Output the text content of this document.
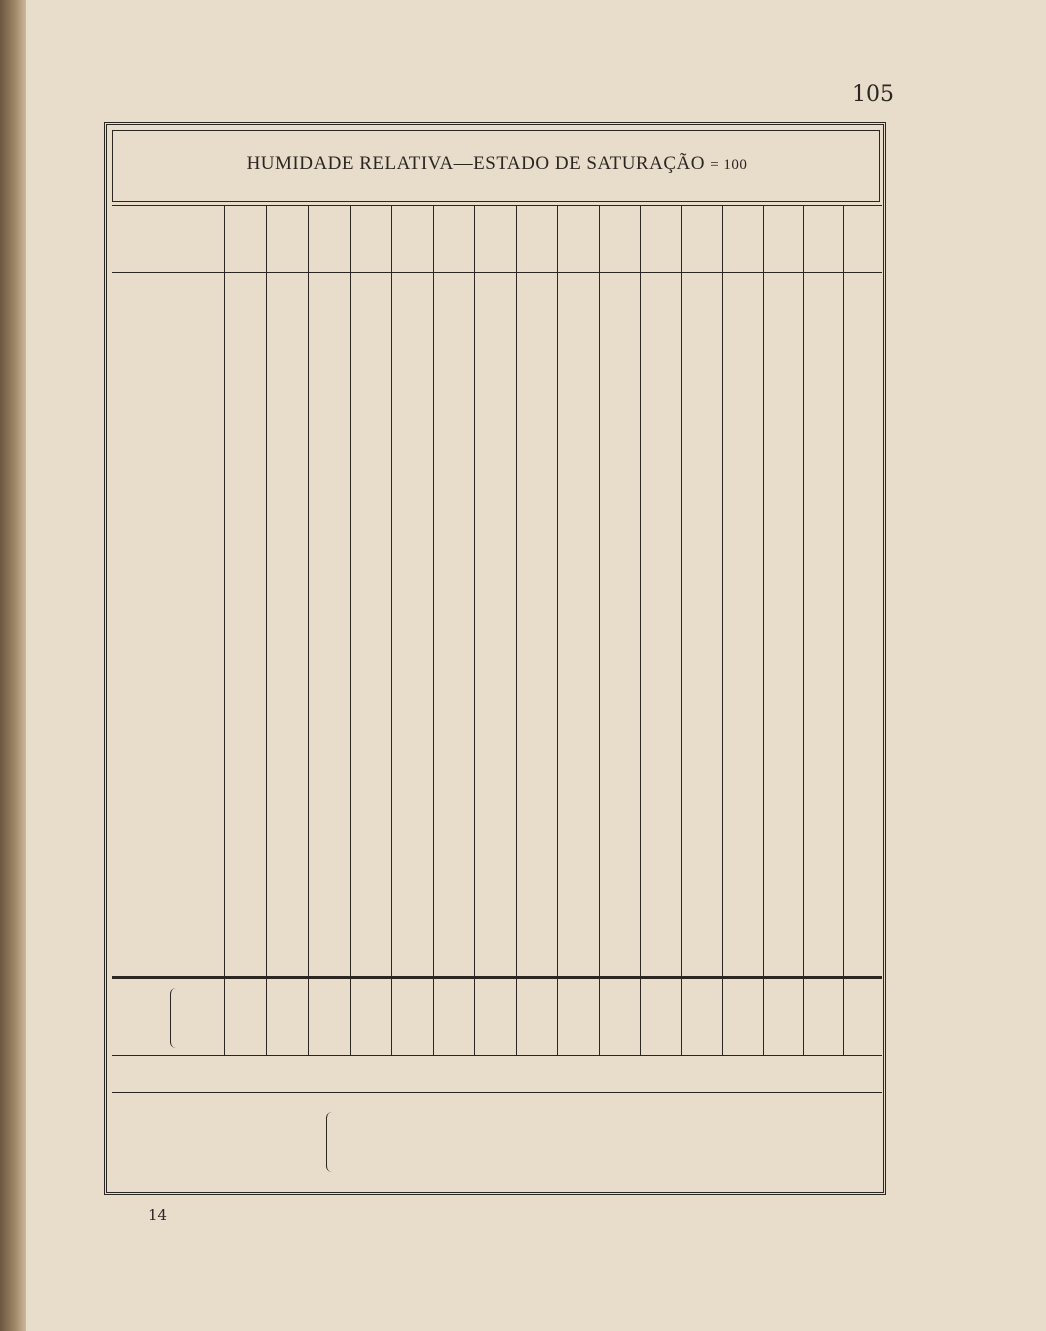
105
HUMIDADE RELATIVA—ESTADO DE SATURAÇÃO = 100
14
